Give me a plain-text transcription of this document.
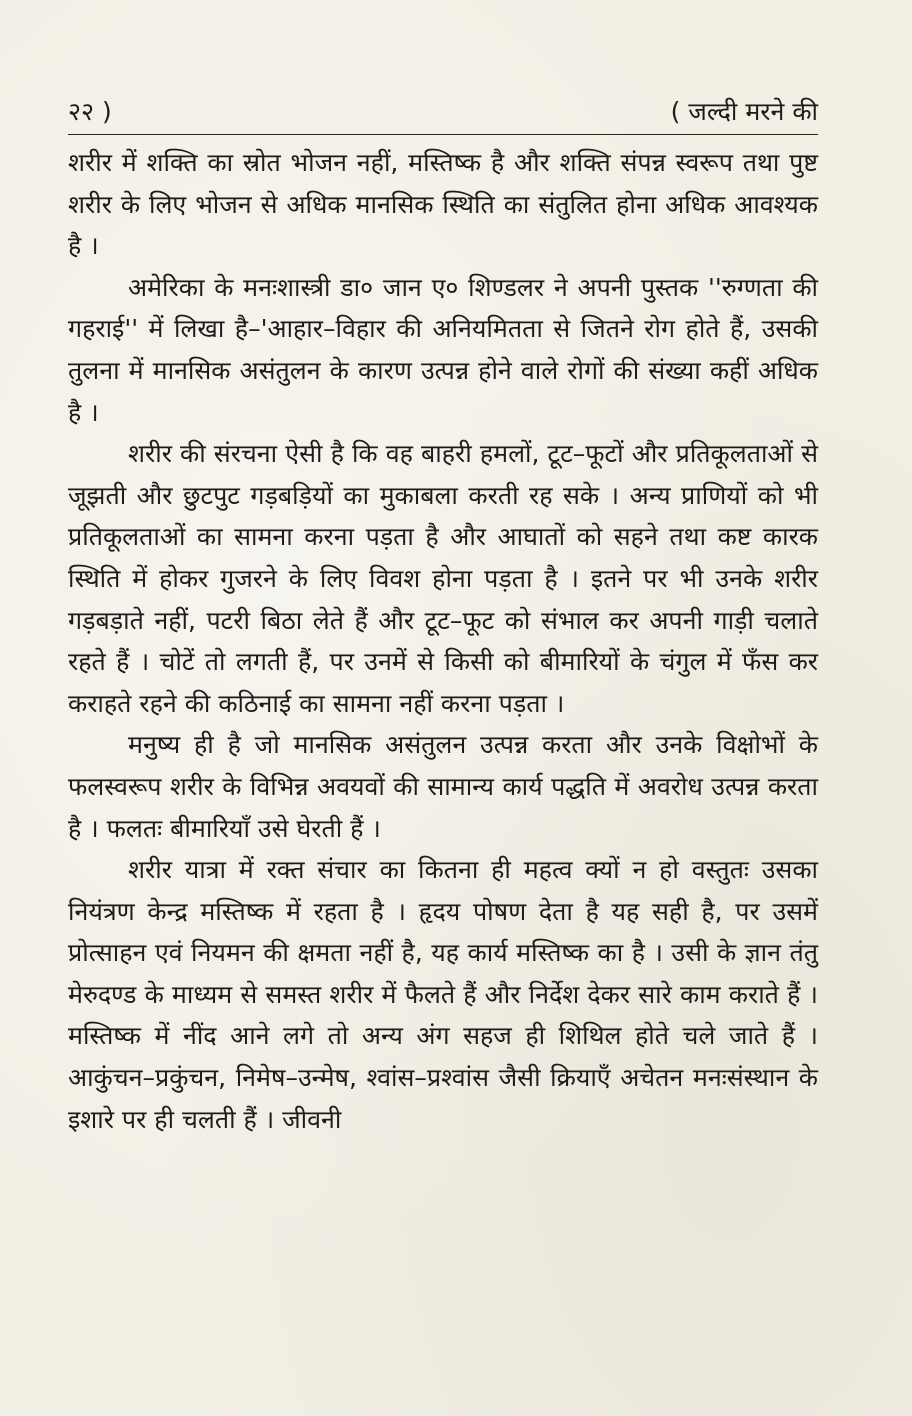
२२ )	( जल्दी मरने की

शरीर में शक्ति का स्रोत भोजन नहीं, मस्तिष्क है और शक्ति संपन्न स्वरूप तथा पुष्ट शरीर के लिए भोजन से अधिक मानसिक स्थिति का संतुलित होना अधिक आवश्यक है ।

अमेरिका के मनःशास्त्री डा० जान ए० शिण्डलर ने अपनी पुस्तक ''रुग्णता की गहराई'' में लिखा है–'आहार–विहार की अनियमितता से जितने रोग होते हैं, उसकी तुलना में मानसिक असंतुलन के कारण उत्पन्न होने वाले रोगों की संख्या कहीं अधिक है ।

शरीर की संरचना ऐसी है कि वह बाहरी हमलों, टूट–फूटों और प्रतिकूलताओं से जूझती और छुटपुट गड़बड़ियों का मुकाबला करती रह सके । अन्य प्राणियों को भी प्रतिकूलताओं का सामना करना पड़ता है और आघातों को सहने तथा कष्ट कारक स्थिति में होकर गुजरने के लिए विवश होना पड़ता है । इतने पर भी उनके शरीर गड़बड़ाते नहीं, पटरी बिठा लेते हैं और टूट–फूट को संभाल कर अपनी गाड़ी चलाते रहते हैं । चोटें तो लगती हैं, पर उनमें से किसी को बीमारियों के चंगुल में फँस कर कराहते रहने की कठिनाई का सामना नहीं करना पड़ता ।

मनुष्य ही है जो मानसिक असंतुलन उत्पन्न करता और उनके विक्षोभों के फलस्वरूप शरीर के विभिन्न अवयवों की सामान्य कार्य पद्धति में अवरोध उत्पन्न करता है । फलतः बीमारियाँ उसे घेरती हैं ।

शरीर यात्रा में रक्त संचार का कितना ही महत्व क्यों न हो वस्तुतः उसका नियंत्रण केन्द्र मस्तिष्क में रहता है । हृदय पोषण देता है यह सही है, पर उसमें प्रोत्साहन एवं नियमन की क्षमता नहीं है, यह कार्य मस्तिष्क का है । उसी के ज्ञान तंतु मेरुदण्ड के माध्यम से समस्त शरीर में फैलते हैं और निर्देश देकर सारे काम कराते हैं । मस्तिष्क में नींद आने लगे तो अन्य अंग सहज ही शिथिल होते चले जाते हैं । आकुंचन–प्रकुंचन, निमेष–उन्मेष, श्वांस–प्रश्वांस जैसी क्रियाएँ अचेतन मनःसंस्थान के इशारे पर ही चलती हैं । जीवनी
